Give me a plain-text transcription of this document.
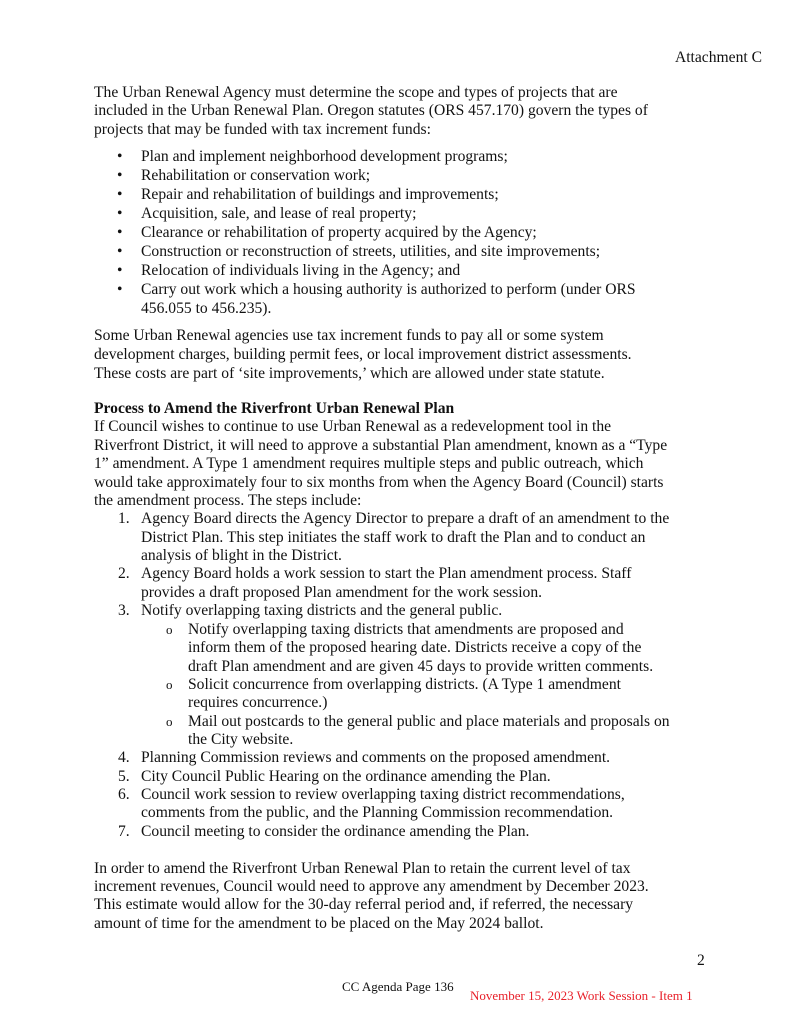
Attachment C
The Urban Renewal Agency must determine the scope and types of projects that are
included in the Urban Renewal Plan. Oregon statutes (ORS 457.170) govern the types of
projects that may be funded with tax increment funds:
• Plan and implement neighborhood development programs;
• Rehabilitation or conservation work;
• Repair and rehabilitation of buildings and improvements;
• Acquisition, sale, and lease of real property;
• Clearance or rehabilitation of property acquired by the Agency;
• Construction or reconstruction of streets, utilities, and site improvements;
• Relocation of individuals living in the Agency; and
• Carry out work which a housing authority is authorized to perform (under ORS
456.055 to 456.235).
Some Urban Renewal agencies use tax increment funds to pay all or some system
development charges, building permit fees, or local improvement district assessments.
These costs are part of ‘site improvements,’ which are allowed under state statute.
Process to Amend the Riverfront Urban Renewal Plan
If Council wishes to continue to use Urban Renewal as a redevelopment tool in the
Riverfront District, it will need to approve a substantial Plan amendment, known as a “Type
1” amendment. A Type 1 amendment requires multiple steps and public outreach, which
would take approximately four to six months from when the Agency Board (Council) starts
the amendment process. The steps include:
1. Agency Board directs the Agency Director to prepare a draft of an amendment to the
District Plan. This step initiates the staff work to draft the Plan and to conduct an
analysis of blight in the District.
2. Agency Board holds a work session to start the Plan amendment process. Staff
provides a draft proposed Plan amendment for the work session.
3. Notify overlapping taxing districts and the general public.
o Notify overlapping taxing districts that amendments are proposed and
inform them of the proposed hearing date. Districts receive a copy of the
draft Plan amendment and are given 45 days to provide written comments.
o Solicit concurrence from overlapping districts. (A Type 1 amendment
requires concurrence.)
o Mail out postcards to the general public and place materials and proposals on
the City website.
4. Planning Commission reviews and comments on the proposed amendment.
5. City Council Public Hearing on the ordinance amending the Plan.
6. Council work session to review overlapping taxing district recommendations,
comments from the public, and the Planning Commission recommendation.
7. Council meeting to consider the ordinance amending the Plan.
In order to amend the Riverfront Urban Renewal Plan to retain the current level of tax
increment revenues, Council would need to approve any amendment by December 2023.
This estimate would allow for the 30-day referral period and, if referred, the necessary
amount of time for the amendment to be placed on the May 2024 ballot.
2
CC Agenda Page 136
November 15, 2023 Work Session - Item 1
